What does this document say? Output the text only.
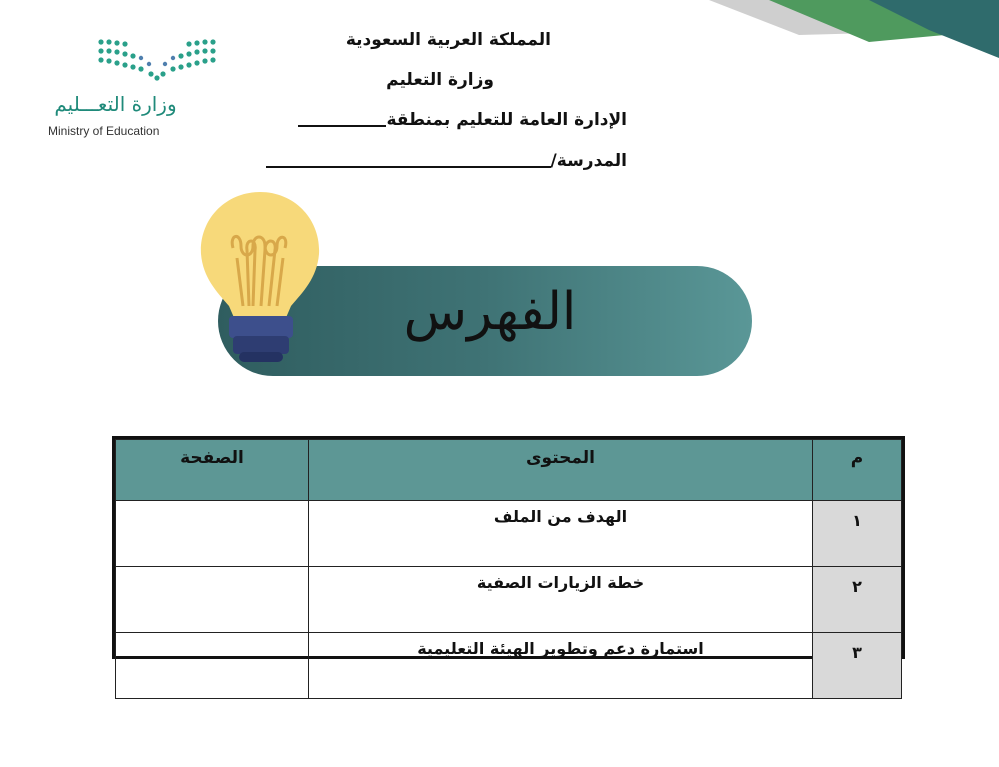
وزارة التعـــليم
Ministry of Education
المملكة العربية السعودية
وزارة التعليم
الإدارة العامة للتعليم بمنطقة
المدرسة/
الفهرس
م	المحتوى	الصفحة
١	الهدف من الملف	
٢	خطة الزيارات الصفية	
٣	استمارة دعم وتطوير الهيئة التعليمية	
